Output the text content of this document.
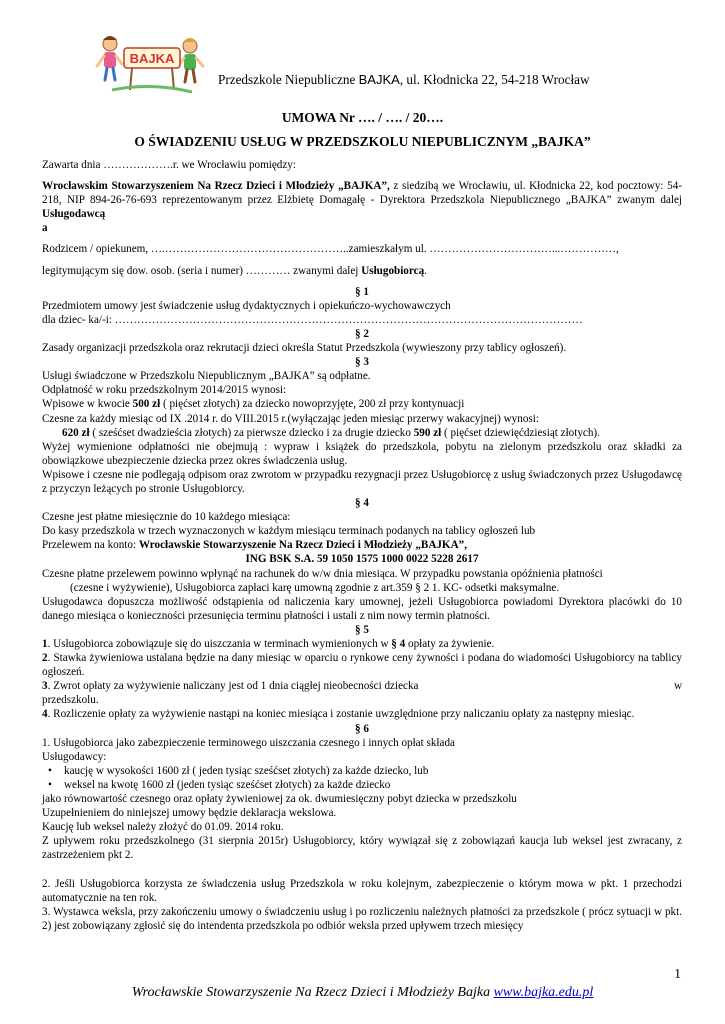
BAJKA
Przedszkole Niepubliczne BAJKA, ul. Kłodnicka 22, 54-218 Wrocław
UMOWA Nr …. / …. / 20….
O ŚWIADZENIU USŁUG W PRZEDSZKOLU NIEPUBLICZNYM „BAJKA”

Zawarta dnia ……………….r. we Wrocławiu pomiędzy:

Wrocławskim Stowarzyszeniem Na Rzecz Dzieci i Młodzieży „BAJKA”, z siedzibą we Wrocławiu, ul. Kłodnicka 22, kod pocztowy: 54-218, NIP 894-26-76-693 reprezentowanym przez Elżbietę Domagałę - Dyrektora Przedszkola Niepublicznego „BAJKA” zwanym dalej Usługodawcą

a

Rodzicem / opiekunem, ….…………………………………………..zamieszkałym ul. ……………………………...……………,

legitymującym się dow. osob. (seria i numer) ………… zwanymi dalej Usługobiorcą.

§ 1

Przedmiotem umowy jest świadczenie usług dydaktycznych i opiekuńczo-wychowawczych

dla dziec- ka/-i: ………………………………………………………………………………………………………………

§ 2

Zasady organizacji przedszkola oraz rekrutacji dzieci określa Statut Przedszkola (wywieszony przy tablicy ogłoszeń).

§ 3

Usługi świadczone w Przedszkolu Niepublicznym „BAJKA” są odpłatne.

Odpłatność w roku przedszkolnym 2014/2015 wynosi:

Wpisowe w kwocie 500 zł ( pięćset złotych) za dziecko nowoprzyjęte, 200 zł przy kontynuacji

Czesne za każdy miesiąc od IX .2014 r. do VIII.2015 r.(wyłączając jeden miesiąc przerwy wakacyjnej) wynosi:

620 zł ( sześćset dwadzieścia złotych) za pierwsze dziecko i za drugie dziecko 590 zł ( pięćset dziewięćdziesiąt złotych).

Wyżej wymienione odpłatności nie obejmują : wypraw i książek do przedszkola, pobytu na zielonym przedszkolu oraz składki za obowiązkowe ubezpieczenie dziecka przez okres świadczenia usług.

Wpisowe i czesne nie podlegają odpisom oraz zwrotom w przypadku rezygnacji przez Usługobiorcę z usług świadczonych przez Usługodawcę z przyczyn leżących po stronie Usługobiorcy.

§ 4

Czesne jest płatne miesięcznie do 10 każdego miesiąca:

Do kasy przedszkola w trzech wyznaczonych w każdym miesiącu terminach podanych na tablicy ogłoszeń lub

Przelewem na konto: Wrocławskie Stowarzyszenie Na Rzecz Dzieci i Młodzieży „BAJKA”,

ING BSK S.A. 59 1050 1575 1000 0022 5228 2617

Czesne płatne przelewem powinno wpłynąć na rachunek do w/w dnia miesiąca. W przypadku powstania opóźnienia płatności

(czesne i wyżywienie), Usługobiorca zapłaci karę umowną zgodnie z art.359 § 2 1. KC- odsetki maksymalne.

Usługodawca dopuszcza możliwość odstąpienia od naliczenia kary umownej, jeżeli Usługobiorca powiadomi Dyrektora placówki do 10 danego miesiąca o konieczności przesunięcia terminu płatności i ustali z nim nowy termin płatności.

§ 5

1. Usługobiorca zobowiązuje się do uiszczania w terminach wymienionych w § 4 opłaty za żywienie.

2. Stawka żywieniowa ustalana będzie na dany miesiąc w oparciu o rynkowe ceny żywności i podana do wiadomości Usługobiorcy na tablicy ogłoszeń.

3. Zwrot opłaty za wyżywienie naliczany jest od 1 dnia ciągłej nieobecności dziecka	w

przedszkolu.

4. Rozliczenie opłaty za wyżywienie nastąpi na koniec miesiąca i zostanie uwzględnione przy naliczaniu opłaty za następny miesiąc.

§ 6

1. Usługobiorca jako zabezpieczenie terminowego uiszczania czesnego i innych opłat składa

Usługodawcy:

• kaucję w wysokości 1600 zł ( jeden tysiąc sześćset złotych) za każde dziecko, lub
• weksel na kwotę 1600 zł (jeden tysiąc sześćset złotych) za każde dziecko

jako równowartość czesnego oraz opłaty żywieniowej za ok. dwumiesięczny pobyt dziecka w przedszkolu

Uzupełnieniem do niniejszej umowy będzie deklaracja wekslowa.

Kaucję lub weksel należy złożyć do 01.09. 2014 roku.

Z upływem roku przedszkolnego (31 sierpnia 2015r) Usługobiorcy, który wywiązał się z zobowiązań kaucja lub weksel jest zwracany, z zastrzeżeniem pkt 2.

2. Jeśli Usługobiorca korzysta ze świadczenia usług Przedszkola w roku kolejnym, zabezpieczenie o którym mowa w pkt. 1 przechodzi automatycznie na ten rok.

3. Wystawca weksla, przy zakończeniu umowy o świadczeniu usług i po rozliczeniu należnych płatności za przedszkole ( prócz sytuacji w pkt. 2) jest zobowiązany zgłosić się do intendenta przedszkola po odbiór weksla przed upływem trzech miesięcy

1
Wrocławskie Stowarzyszenie Na Rzecz Dzieci i Młodzieży Bajka www.bajka.edu.pl
